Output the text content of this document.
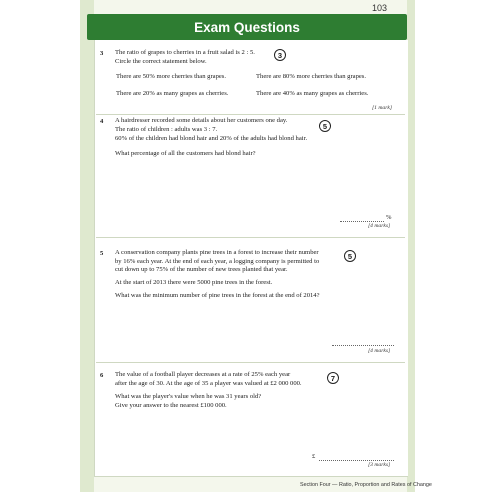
103
Exam Questions
3 The ratio of grapes to cherries in a fruit salad is 2 : 5.
Circle the correct statement below.
3
There are 50% more cherries than grapes.	There are 80% more cherries than grapes.
There are 20% as many grapes as cherries.	There are 40% as many grapes as cherries.
[1 mark]
4 A hairdresser recorded some details about her customers one day.
The ratio of children : adults was 3 : 7.
60% of the children had blond hair and 20% of the adults had blond hair.
5
What percentage of all the customers had blond hair?
%
[4 marks]
5 A conservation company plants pine trees in a forest to increase their number
by 16% each year. At the end of each year, a logging company is permitted to
cut down up to 75% of the number of new trees planted that year.
At the start of 2013 there were 5000 pine trees in the forest.
5
What was the minimum number of pine trees in the forest at the end of 2014?
[4 marks]
6 The value of a football player decreases at a rate of 25% each year
after the age of 30. At the age of 35 a player was valued at £2 000 000.
7
What was the player's value when he was 31 years old?
Give your answer to the nearest £100 000.
£
[3 marks]
Section Four — Ratio, Proportion and Rates of Change
